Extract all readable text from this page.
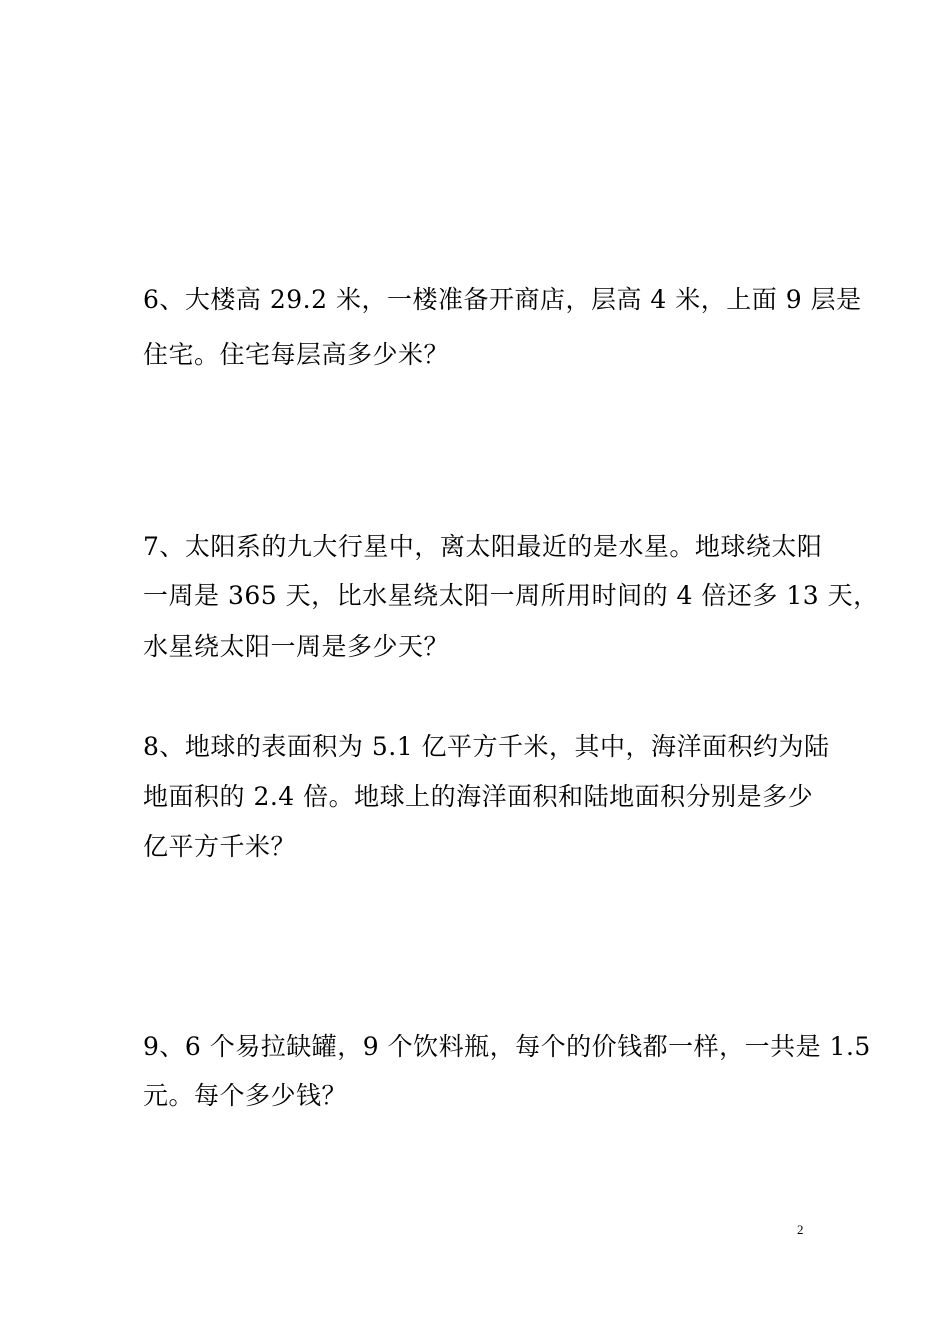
6、大楼高 29.2 米，一楼准备开商店，层高 4 米，上面 9 层是
住宅。住宅每层高多少米？
7、太阳系的九大行星中，离太阳最近的是水星。地球绕太阳
一周是 365 天，比水星绕太阳一周所用时间的 4 倍还多 13 天，
水星绕太阳一周是多少天？
8、地球的表面积为 5.1 亿平方千米，其中，海洋面积约为陆
地面积的 2.4 倍。地球上的海洋面积和陆地面积分别是多少
亿平方千米？
9、6 个易拉缺罐，9 个饮料瓶，每个的价钱都一样，一共是 1.5
元。每个多少钱？
2
